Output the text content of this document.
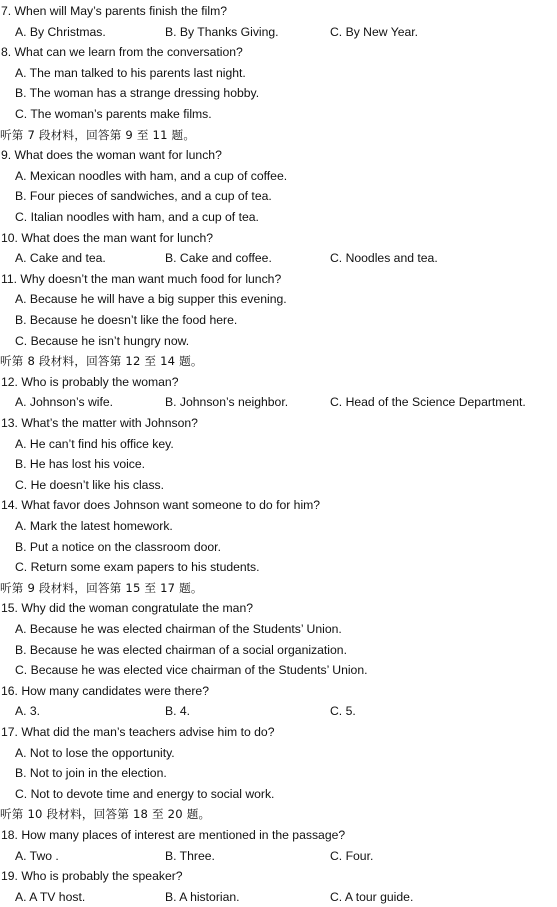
7. When will May’s parents finish the film?
A. By Christmas.	B. By Thanks Giving.	C. By New Year.
8. What can we learn from the conversation?
A. The man talked to his parents last night.
B. The woman has a strange dressing hobby.
C. The woman’s parents make films.
听第 7 段材料，回答第 9 至 11 题。
9. What does the woman want for lunch?
A. Mexican noodles with ham, and a cup of coffee.
B. Four pieces of sandwiches, and a cup of tea.
C. Italian noodles with ham, and a cup of tea.
10. What does the man want for lunch?
A. Cake and tea.	B. Cake and coffee.	C. Noodles and tea.
11. Why doesn’t the man want much food for lunch?
A. Because he will have a big supper this evening.
B. Because he doesn’t like the food here.
C. Because he isn’t hungry now.
听第 8 段材料，回答第 12 至 14 题。
12. Who is probably the woman?
A. Johnson’s wife.	B. Johnson’s neighbor.	C. Head of the Science Department.
13. What’s the matter with Johnson?
A. He can’t find his office key.
B. He has lost his voice.
C. He doesn’t like his class.
14. What favor does Johnson want someone to do for him?
A. Mark the latest homework.
B. Put a notice on the classroom door.
C. Return some exam papers to his students.
听第 9 段材料，回答第 15 至 17 题。
15. Why did the woman congratulate the man?
A. Because he was elected chairman of the Students’ Union.
B. Because he was elected chairman of a social organization.
C. Because he was elected vice chairman of the Students’ Union.
16. How many candidates were there?
A. 3.	B. 4.	C. 5.
17. What did the man’s teachers advise him to do?
A. Not to lose the opportunity.
B. Not to join in the election.
C. Not to devote time and energy to social work.
听第 10 段材料，回答第 18 至 20 题。
18. How many places of interest are mentioned in the passage?
A. Two .	B. Three.	C. Four.
19. Who is probably the speaker?
A. A TV host.	B. A historian.	C. A tour guide.
